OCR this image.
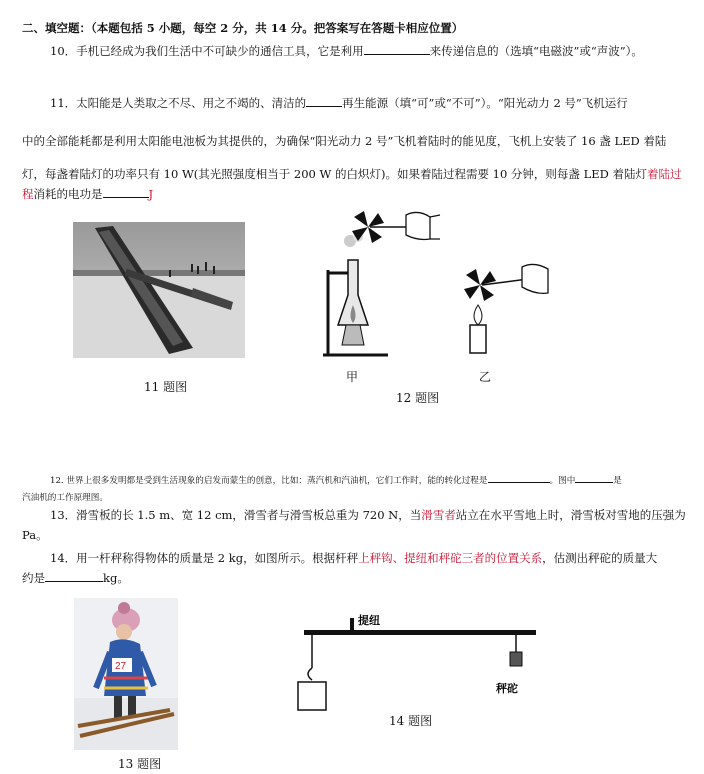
二、填空题：（本题包括 5 小题，每空 2 分，共 14 分。把答案写在答题卡相应位置）
10．手机已经成为我们生活中不可缺少的通信工具，它是利用	来传递信息的（选填“电磁波”或“声波”）。
11．太阳能是人类取之不尽、用之不竭的、清洁的	再生能源（填“可”或“不可”）。“阳光动力 2 号”飞机运行
中的全部能耗都是利用太阳能电池板为其提供的，为确保“阳光动力 2 号”飞机着陆时的能见度，飞机上安装了 16 盏 LED 着陆
灯，每盏着陆灯的功率只有 10 W(其光照强度相当于 200 W 的白炽灯)。如果着陆过程需要 10 分钟，则每盏 LED 着陆灯着陆过
程消耗的电功是	J
11 题图
甲	乙
12 题图
12. 世界上很多发明都是受到生活现象的启发而蒙生的创意，比如：蒸汽机和汽油机，它们工作时，能的转化过程是	。图中	是
汽油机的工作原理图。
13．滑雪板的长 1.5 m、宽 12 cm，滑雪者与滑雪板总重为 720 N，当滑雪者站立在水平雪地上时，滑雪板对雪地的压强为
Pa。
14．用一杆秤称得物体的质量是 2 kg，如图所示。根据杆秤上秤钩、提纽和秤砣三者的位置关系，估测出秤砣的质量大
约是	kg。
27
13 题图
提纽
秤砣
14 题图
